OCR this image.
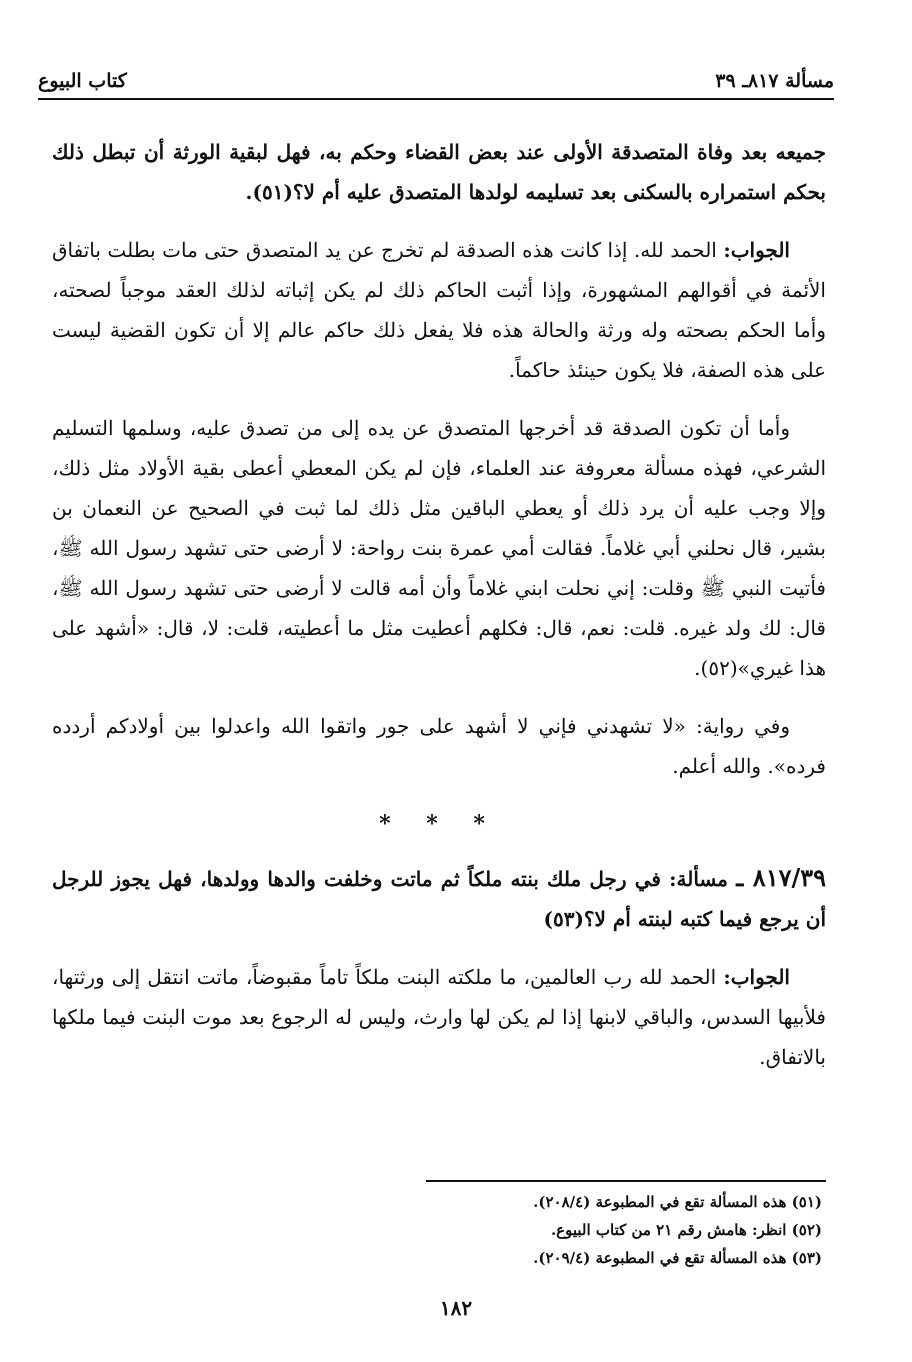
مسألة ٨١٧ـ ٣٩
كتاب البيوع

جميعه بعد وفاة المتصدقة الأولى عند بعض القضاء وحكم به، فهل لبقية الورثة أن تبطل ذلك بحكم استمراره بالسكنى بعد تسليمه لولدها المتصدق عليه أم لا؟(٥١).

الجواب: الحمد لله. إذا كانت هذه الصدقة لم تخرج عن يد المتصدق حتى مات بطلت باتفاق الأئمة في أقوالهم المشهورة، وإذا أثبت الحاكم ذلك لم يكن إثباته لذلك العقد موجباً لصحته، وأما الحكم بصحته وله ورثة والحالة هذه فلا يفعل ذلك حاكم عالم إلا أن تكون القضية ليست على هذه الصفة، فلا يكون حينئذ حاكماً.

وأما أن تكون الصدقة قد أخرجها المتصدق عن يده إلى من تصدق عليه، وسلمها التسليم الشرعي، فهذه مسألة معروفة عند العلماء، فإن لم يكن المعطي أعطى بقية الأولاد مثل ذلك، وإلا وجب عليه أن يرد ذلك أو يعطي الباقين مثل ذلك لما ثبت في الصحيح عن النعمان بن بشير، قال نحلني أبي غلاماً. فقالت أمي عمرة بنت رواحة: لا أرضى حتى تشهد رسول الله ﷺ، فأتيت النبي ﷺ وقلت: إني نحلت ابني غلاماً وأن أمه قالت لا أرضى حتى تشهد رسول الله ﷺ، قال: لك ولد غيره. قلت: نعم، قال: فكلهم أعطيت مثل ما أعطيته، قلت: لا، قال: «أشهد على هذا غيري»(٥٢).

وفي رواية: «لا تشهدني فإني لا أشهد على جور واتقوا الله واعدلوا بين أولادكم أردده فرده». والله أعلم.

* * *

٨١٧/٣٩ ـ مسألة: في رجل ملك بنته ملكاً ثم ماتت وخلفت والدها وولدها، فهل يجوز للرجل أن يرجع فيما كتبه لبنته أم لا؟(٥٣)

الجواب: الحمد لله رب العالمين، ما ملكته البنت ملكاً تاماً مقبوضاً، ماتت انتقل إلى ورثتها، فلأبيها السدس، والباقي لابنها إذا لم يكن لها وارث، وليس له الرجوع بعد موت البنت فيما ملكها بالاتفاق.

(٥١) هذه المسألة تقع في المطبوعة (٢٠٨/٤).
(٥٢) انظر: هامش رقم ٢١ من كتاب البيوع.
(٥٣) هذه المسألة تقع في المطبوعة (٢٠٩/٤).
١٨٢
